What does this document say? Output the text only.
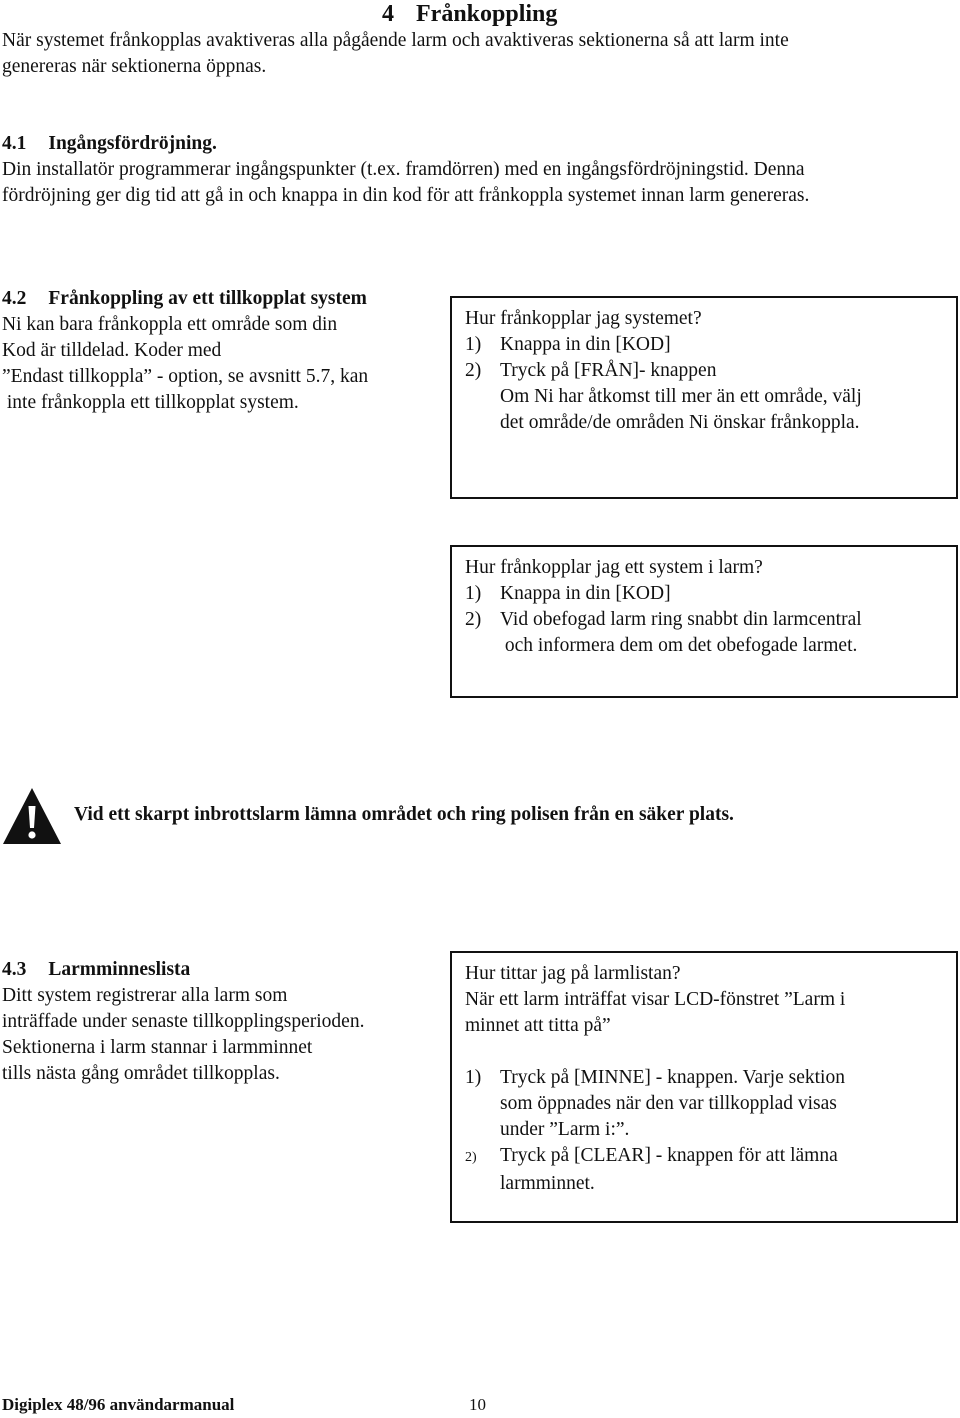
4 Frånkoppling
När systemet frånkopplas avaktiveras alla pågående larm och avaktiveras sektionerna så att larm inte
genereras när sektionerna öppnas.
4.1 Ingångsfördröjning.
Din installatör programmerar ingångspunkter (t.ex. framdörren) med en ingångsfördröjningstid. Denna
fördröjning ger dig tid att gå in och knappa in din kod för att frånkoppla systemet innan larm genereras.
4.2 Frånkoppling av ett tillkopplat system
Ni kan bara frånkoppla ett område som din
Kod är tilldelad. Koder med
”Endast tillkoppla” - option, se avsnitt 5.7, kan
inte frånkoppla ett tillkopplat system.
Hur frånkopplar jag systemet?
1) Knappa in din [KOD]
2) Tryck på [FRÅN]- knappen
Om Ni har åtkomst till mer än ett område, välj
det område/de områden Ni önskar frånkoppla.
Hur frånkopplar jag ett system i larm?
1) Knappa in din [KOD]
2) Vid obefogad larm ring snabbt din larmcentral
och informera dem om det obefogade larmet.
Vid ett skarpt inbrottslarm lämna området och ring polisen från en säker plats.
4.3 Larmminneslista
Ditt system registrerar alla larm som
inträffade under senaste tillkopplingsperioden.
Sektionerna i larm stannar i larmminnet
tills nästa gång området tillkopplas.
Hur tittar jag på larmlistan?
När ett larm inträffat visar LCD-fönstret ”Larm i
minnet att titta på”
1) Tryck på [MINNE] - knappen. Varje sektion
som öppnades när den var tillkopplad visas
under ”Larm i:”.
2) Tryck på [CLEAR] - knappen för att lämna
larmminnet.
Digiplex 48/96 användarmanual	10
